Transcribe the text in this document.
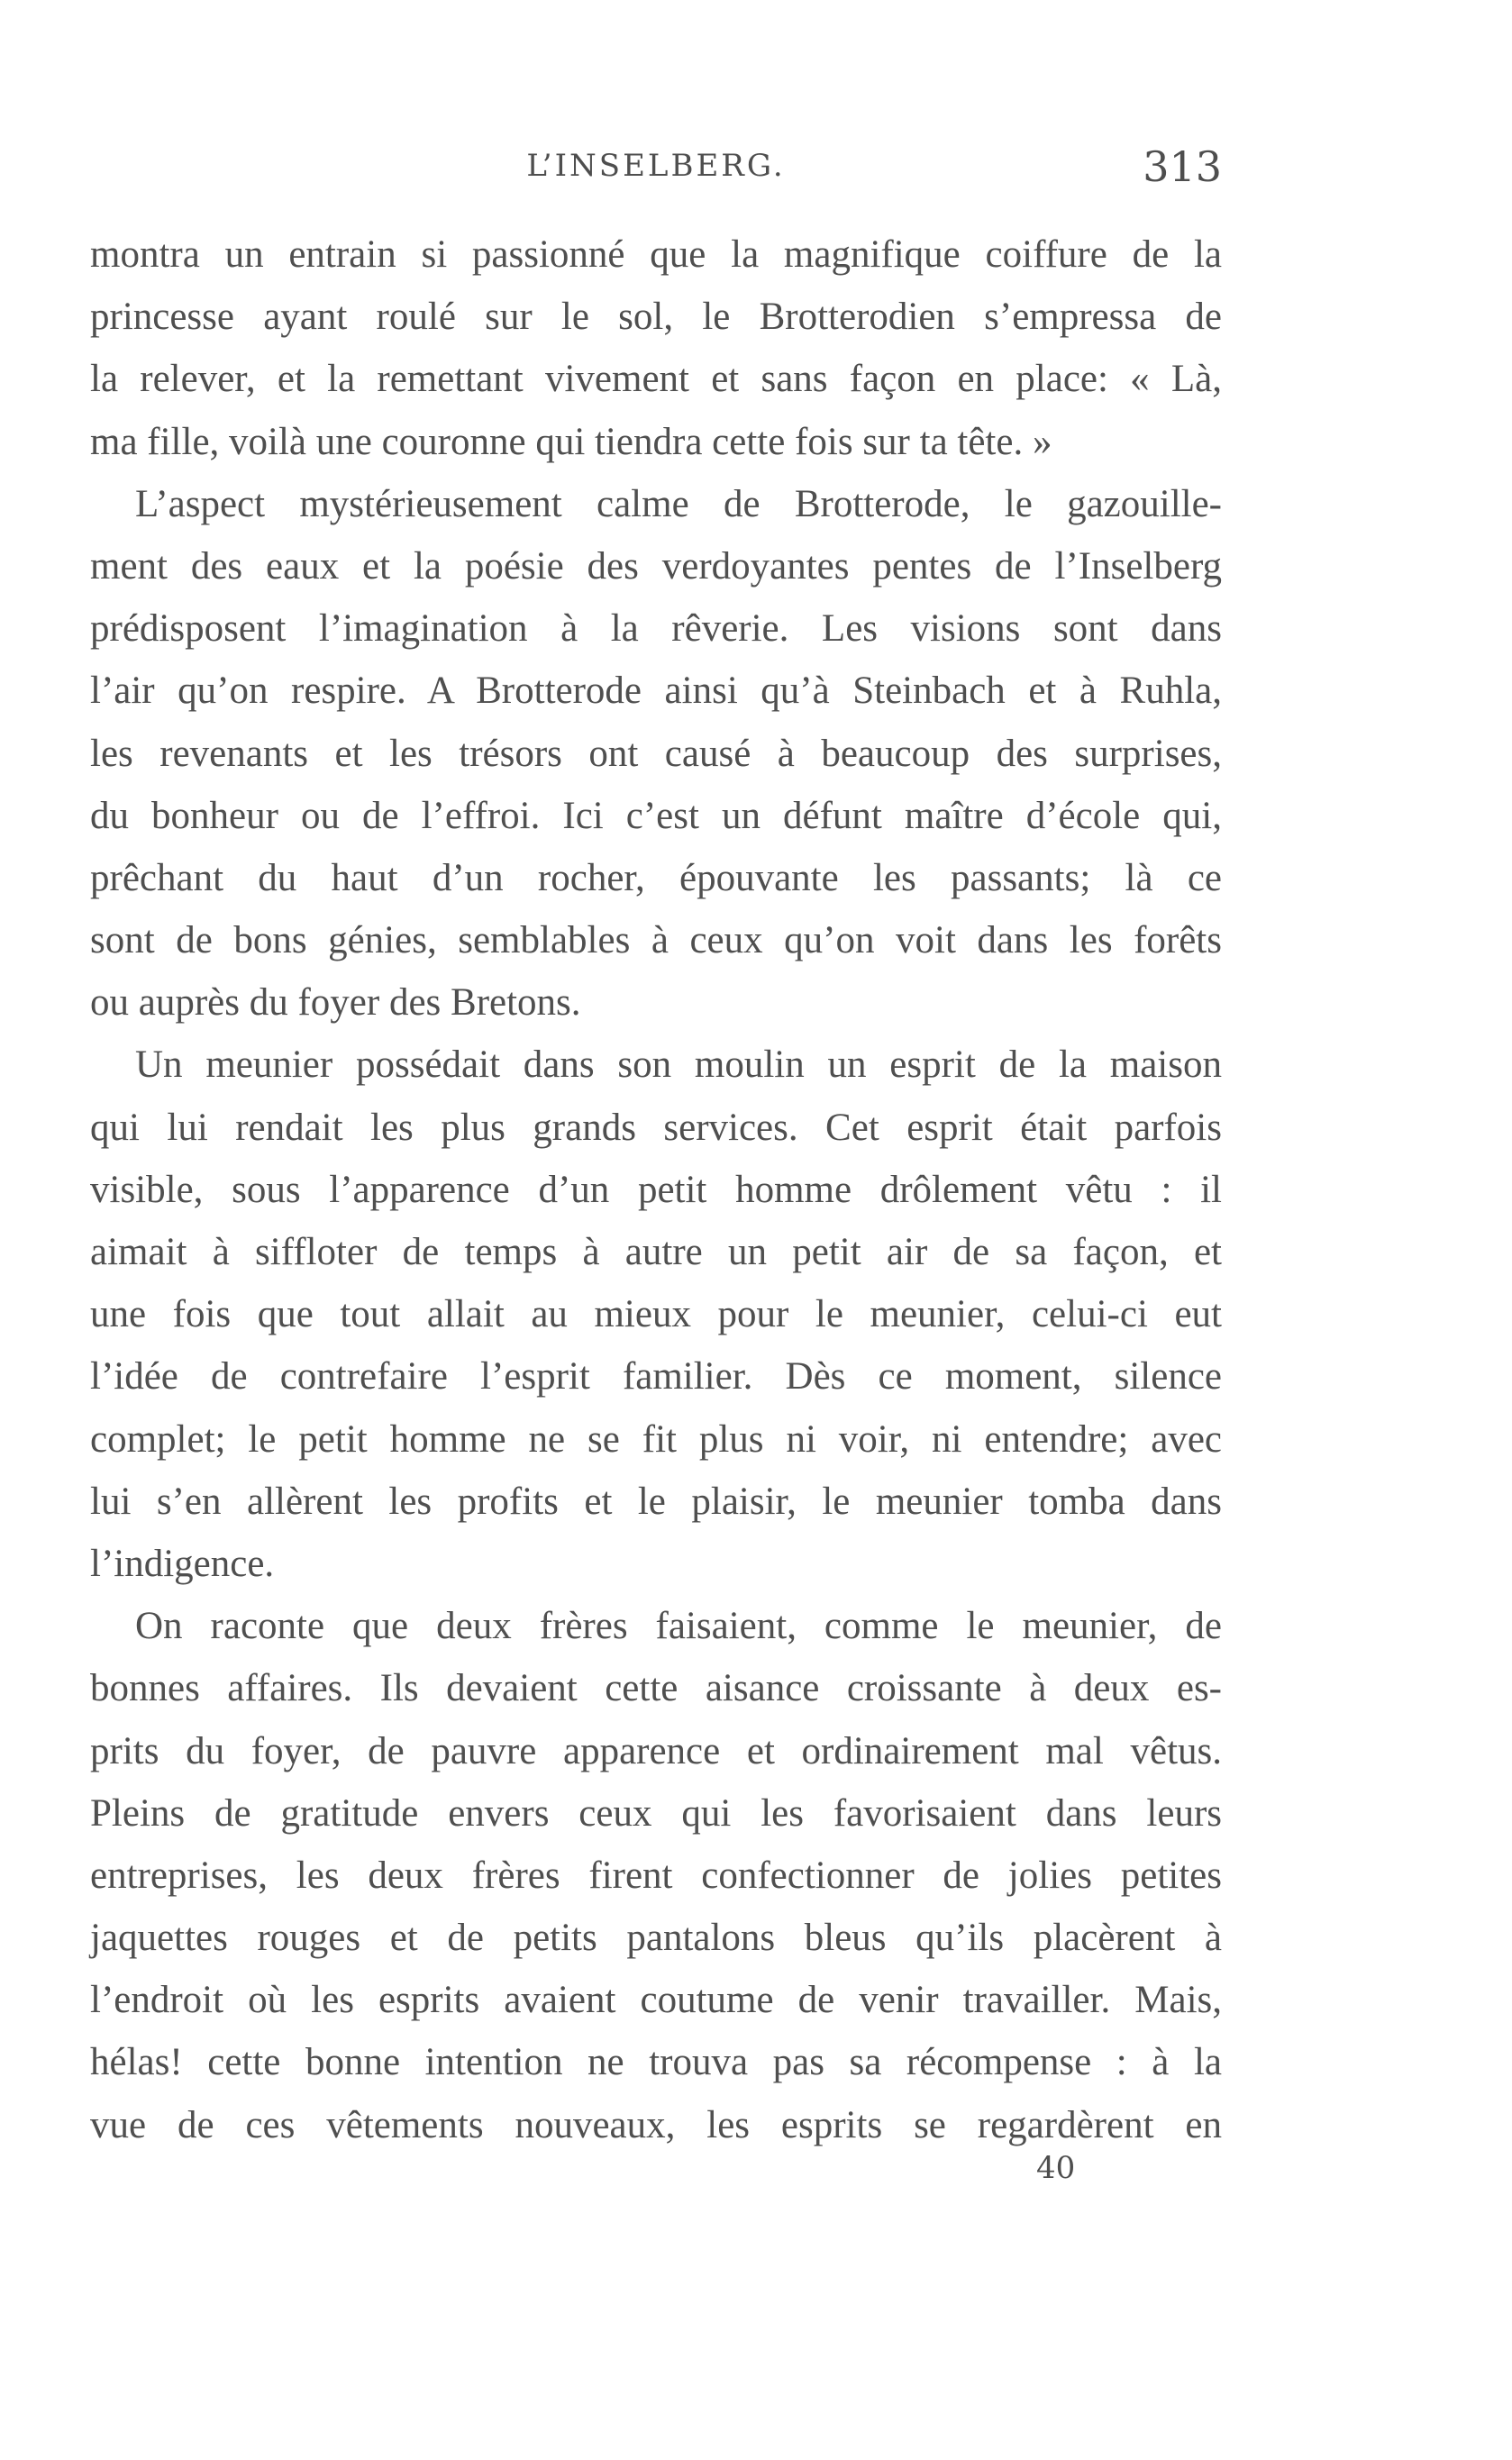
L’INSELBERG.	313
montra un entrain si passionné que la magnifique coiffure de la
princesse ayant roulé sur le sol, le Brotterodien s’empressa de
la relever, et la remettant vivement et sans façon en place: « Là,
ma fille, voilà une couronne qui tiendra cette fois sur ta tête. »
L’aspect mystérieusement calme de Brotterode, le gazouille-
ment des eaux et la poésie des verdoyantes pentes de l’Inselberg
prédisposent l’imagination à la rêverie. Les visions sont dans
l’air qu’on respire. A Brotterode ainsi qu’à Steinbach et à Ruhla,
les revenants et les trésors ont causé à beaucoup des surprises,
du bonheur ou de l’effroi. Ici c’est un défunt maître d’école qui,
prêchant du haut d’un rocher, épouvante les passants; là ce
sont de bons génies, semblables à ceux qu’on voit dans les forêts
ou auprès du foyer des Bretons.
Un meunier possédait dans son moulin un esprit de la maison
qui lui rendait les plus grands services. Cet esprit était parfois
visible, sous l’apparence d’un petit homme drôlement vêtu : il
aimait à siffloter de temps à autre un petit air de sa façon, et
une fois que tout allait au mieux pour le meunier, celui-ci eut
l’idée de contrefaire l’esprit familier. Dès ce moment, silence
complet; le petit homme ne se fit plus ni voir, ni entendre; avec
lui s’en allèrent les profits et le plaisir, le meunier tomba dans
l’indigence.
On raconte que deux frères faisaient, comme le meunier, de
bonnes affaires. Ils devaient cette aisance croissante à deux es-
prits du foyer, de pauvre apparence et ordinairement mal vêtus.
Pleins de gratitude envers ceux qui les favorisaient dans leurs
entreprises, les deux frères firent confectionner de jolies petites
jaquettes rouges et de petits pantalons bleus qu’ils placèrent à
l’endroit où les esprits avaient coutume de venir travailler. Mais,
hélas! cette bonne intention ne trouva pas sa récompense : à la
vue de ces vêtements nouveaux, les esprits se regardèrent en
40
